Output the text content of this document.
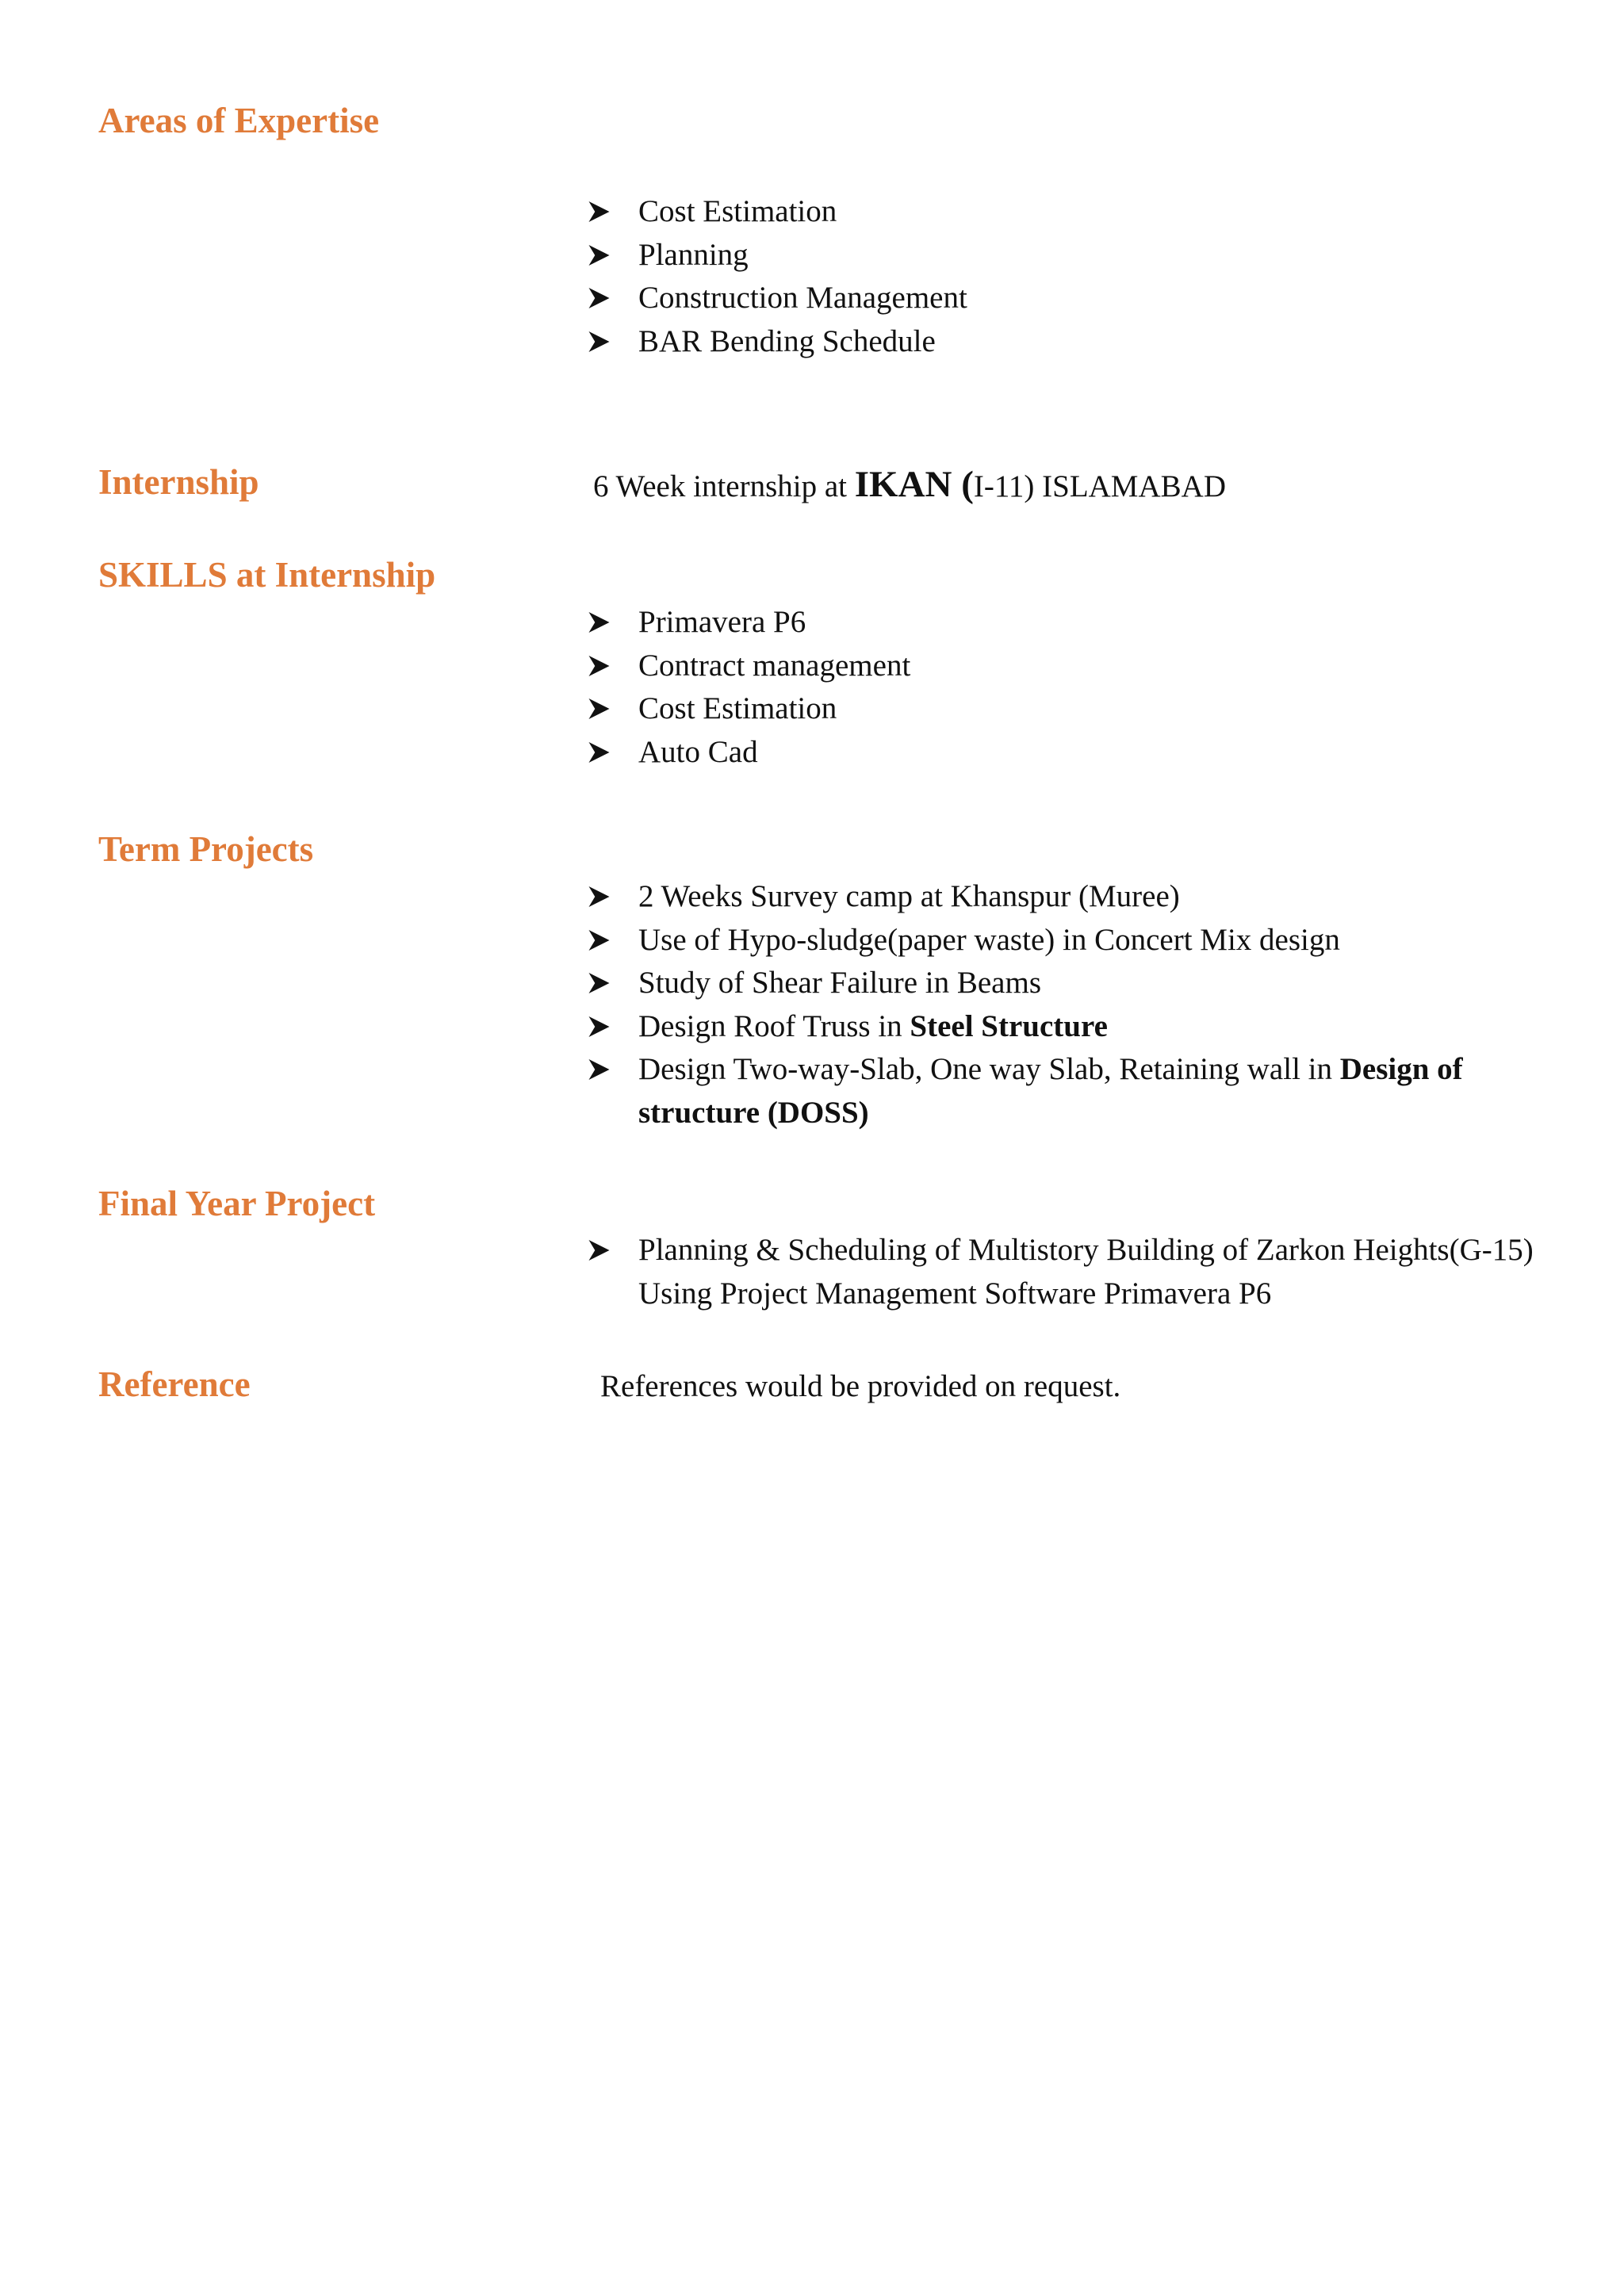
Areas of Expertise
Cost Estimation
Planning
Construction Management
BAR Bending Schedule
Internship	6 Week internship at IKAN (I-11) ISLAMABAD

SKILLS at Internship
Primavera P6
Contract management
Cost Estimation
Auto Cad
Term Projects
2 Weeks Survey camp at Khanspur (Muree)
Use of Hypo-sludge(paper waste) in Concert Mix design
Study of Shear Failure in Beams
Design Roof Truss in Steel Structure
Design Two-way-Slab, One way Slab, Retaining wall in Design of structure (DOSS)
Final Year Project
Planning & Scheduling of Multistory Building of Zarkon Heights(G-15) Using Project Management Software Primavera P6
Reference	References would be provided on request.
